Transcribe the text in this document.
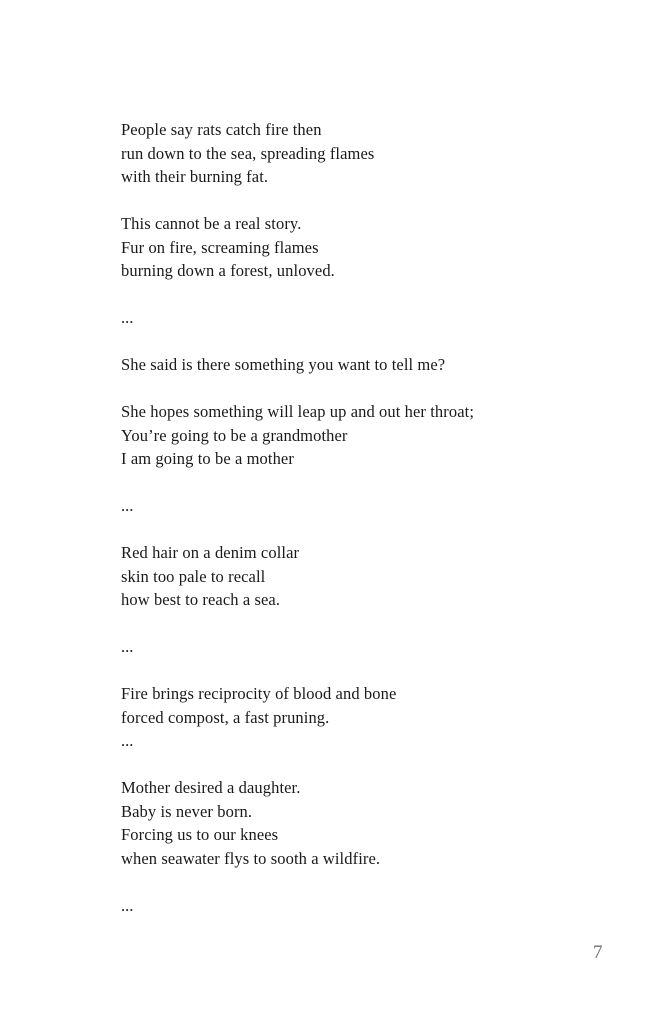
People say rats catch fire then
run down to the sea, spreading flames
with their burning fat.
This cannot be a real story.
Fur on fire, screaming flames
burning down a forest, unloved.
...
She said is there something you want to tell me?
She hopes something will leap up and out her throat;
You’re going to be a grandmother
I am going to be a mother
...
Red hair on a denim collar
skin too pale to recall
how best to reach a sea.
...
Fire brings reciprocity of blood and bone
forced compost, a fast pruning.
...
Mother desired a daughter.
Baby is never born.
Forcing us to our knees
when seawater flys to sooth a wildfire.
...
7
